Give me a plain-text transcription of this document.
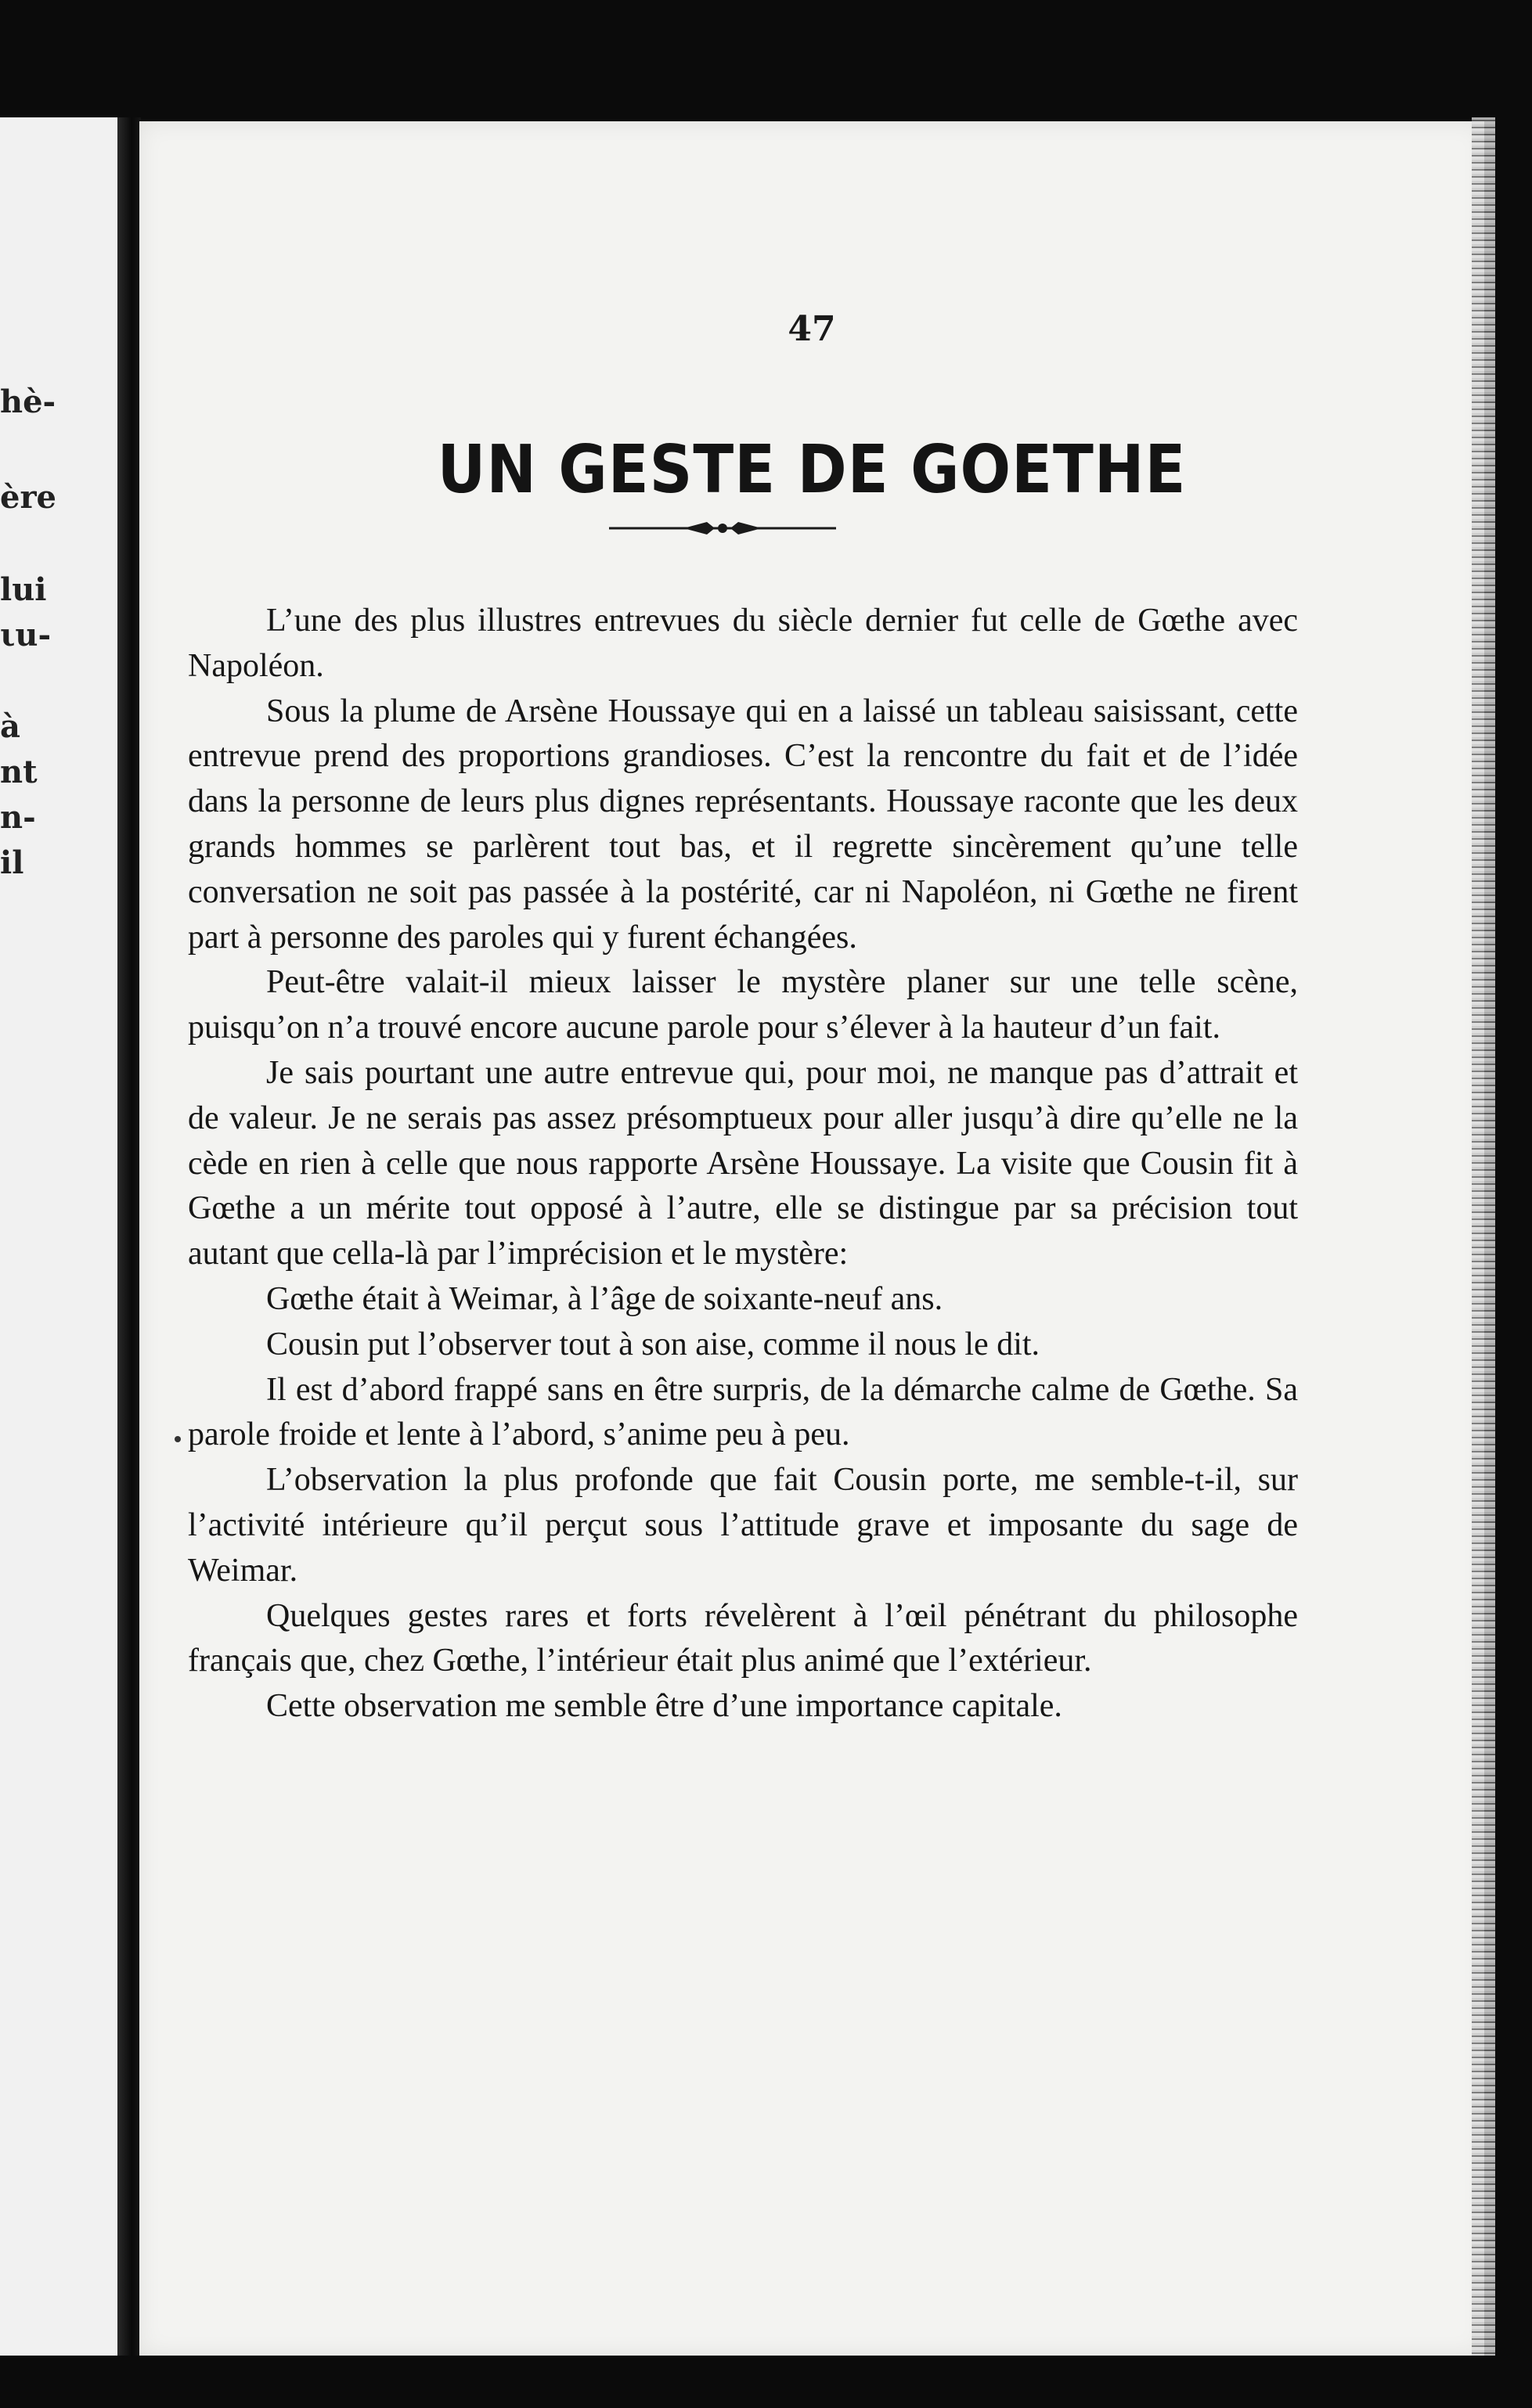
hè-
ère
lui
ιu-
à
nt
n-
il
47
UN GESTE DE GOETHE

L’une des plus illustres entrevues du siècle dernier fut celle de Gœthe avec Napoléon.

Sous la plume de Arsène Houssaye qui en a laissé un tableau saisissant, cette entrevue prend des proportions grandioses. C’est la rencontre du fait et de l’idée dans la personne de leurs plus dignes représentants. Houssaye raconte que les deux grands hommes se parlèrent tout bas, et il regrette sincèrement qu’une telle conversation ne soit pas passée à la postérité, car ni Napoléon, ni Gœthe ne firent part à personne des paroles qui y furent échangées.

Peut-être valait-il mieux laisser le mystère planer sur une telle scène, puisqu’on n’a trouvé encore aucune parole pour s’élever à la hauteur d’un fait.

Je sais pourtant une autre entrevue qui, pour moi, ne manque pas d’attrait et de valeur. Je ne serais pas assez présomptueux pour aller jusqu’à dire qu’elle ne la cède en rien à celle que nous rapporte Arsène Houssaye. La visite que Cousin fit à Gœthe a un mérite tout opposé à l’autre, elle se distingue par sa précision tout autant que cella-là par l’imprécision et le mystère:

Gœthe était à Weimar, à l’âge de soixante-neuf ans.

Cousin put l’observer tout à son aise, comme il nous le dit.

Il est d’abord frappé sans en être surpris, de la démarche calme de Gœthe. Sa parole froide et lente à l’abord, s’anime peu à peu.

L’observation la plus profonde que fait Cousin porte, me semble-t-il, sur l’activité intérieure qu’il perçut sous l’attitude grave et imposante du sage de Weimar.

Quelques gestes rares et forts révelèrent à l’œil pénétrant du philosophe français que, chez Gœthe, l’intérieur était plus animé que l’extérieur.

Cette observation me semble être d’une importance capitale.
